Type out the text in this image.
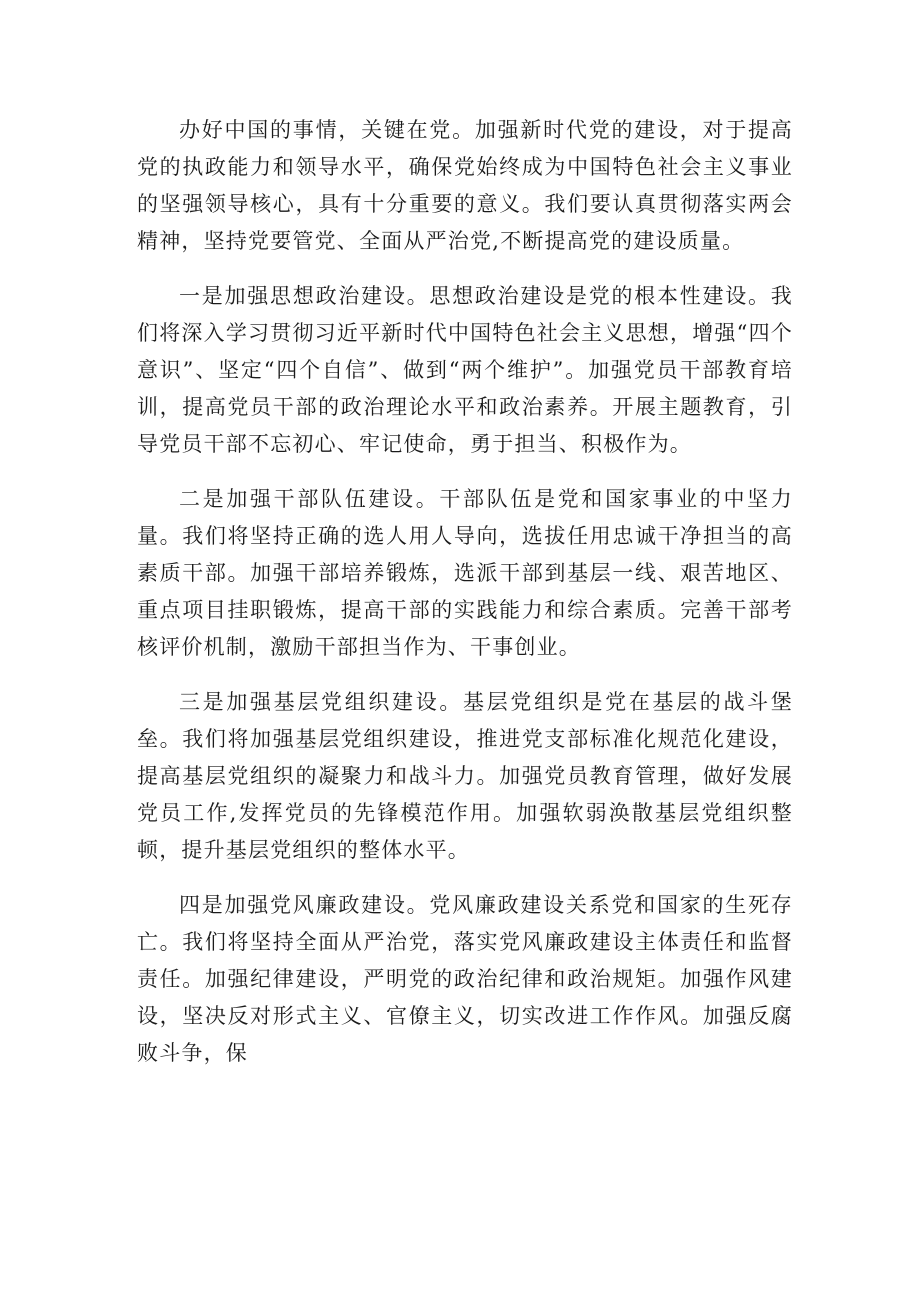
办好中国的事情，关键在党。加强新时代党的建设，对于提高党的执政能力和领导水平，确保党始终成为中国特色社会主义事业的坚强领导核心，具有十分重要的意义。我们要认真贯彻落实两会精神，坚持党要管党、全面从严治党,不断提高党的建设质量。

一是加强思想政治建设。思想政治建设是党的根本性建设。我们将深入学习贯彻习近平新时代中国特色社会主义思想，增强“四个意识”、坚定“四个自信”、做到“两个维护”。加强党员干部教育培训，提高党员干部的政治理论水平和政治素养。开展主题教育，引导党员干部不忘初心、牢记使命，勇于担当、积极作为。

二是加强干部队伍建设。干部队伍是党和国家事业的中坚力量。我们将坚持正确的选人用人导向，选拔任用忠诚干净担当的高素质干部。加强干部培养锻炼，选派干部到基层一线、艰苦地区、重点项目挂职锻炼，提高干部的实践能力和综合素质。完善干部考核评价机制，激励干部担当作为、干事创业。

三是加强基层党组织建设。基层党组织是党在基层的战斗堡垒。我们将加强基层党组织建设，推进党支部标准化规范化建设，提高基层党组织的凝聚力和战斗力。加强党员教育管理，做好发展党员工作,发挥党员的先锋模范作用。加强软弱涣散基层党组织整顿，提升基层党组织的整体水平。

四是加强党风廉政建设。党风廉政建设关系党和国家的生死存亡。我们将坚持全面从严治党，落实党风廉政建设主体责任和监督责任。加强纪律建设，严明党的政治纪律和政治规矩。加强作风建设，坚决反对形式主义、官僚主义，切实改进工作作风。加强反腐败斗争，保
